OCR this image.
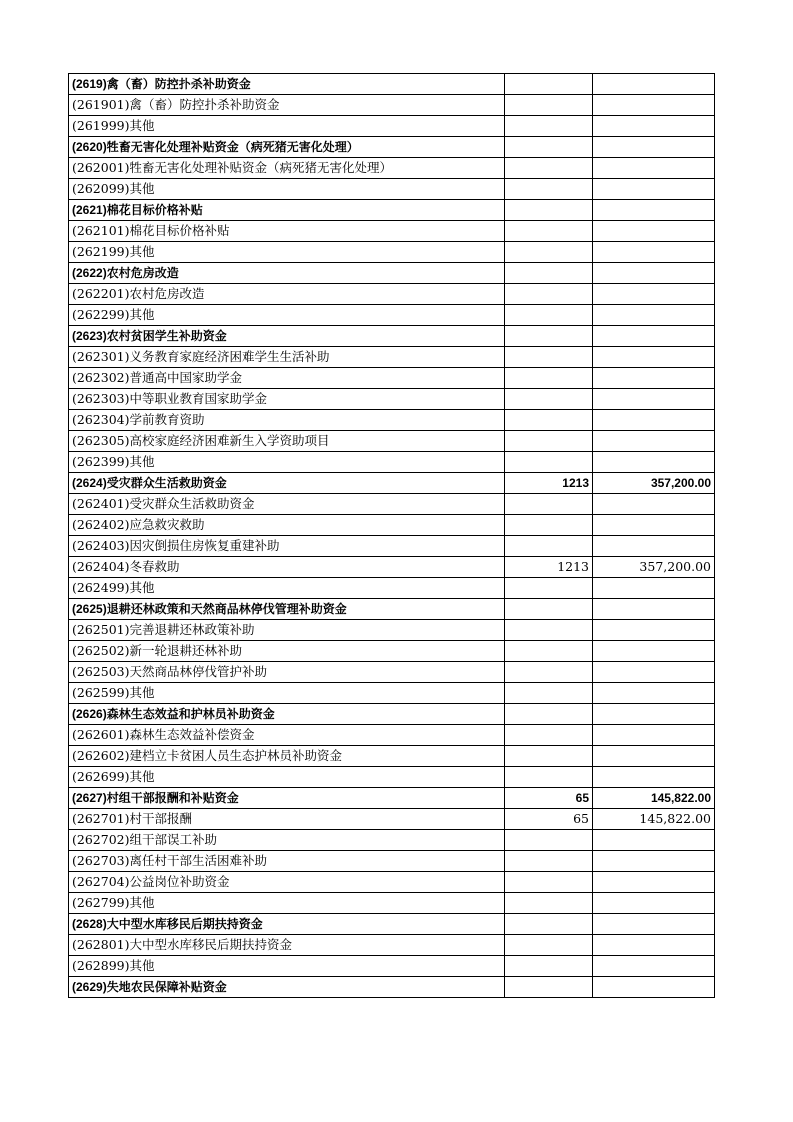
(2619)禽（畜）防控扑杀补助资金		
(261901)禽（畜）防控扑杀补助资金		
(261999)其他		
(2620)牲畜无害化处理补贴资金（病死猪无害化处理）		
(262001)牲畜无害化处理补贴资金（病死猪无害化处理）		
(262099)其他		
(2621)棉花目标价格补贴		
(262101)棉花目标价格补贴		
(262199)其他		
(2622)农村危房改造		
(262201)农村危房改造		
(262299)其他		
(2623)农村贫困学生补助资金		
(262301)义务教育家庭经济困难学生生活补助		
(262302)普通高中国家助学金		
(262303)中等职业教育国家助学金		
(262304)学前教育资助		
(262305)高校家庭经济困难新生入学资助项目		
(262399)其他		
(2624)受灾群众生活救助资金	1213	357,200.00
(262401)受灾群众生活救助资金		
(262402)应急救灾救助		
(262403)因灾倒损住房恢复重建补助		
(262404)冬春救助	1213	357,200.00
(262499)其他		
(2625)退耕还林政策和天然商品林停伐管理补助资金		
(262501)完善退耕还林政策补助		
(262502)新一轮退耕还林补助		
(262503)天然商品林停伐管护补助		
(262599)其他		
(2626)森林生态效益和护林员补助资金		
(262601)森林生态效益补偿资金		
(262602)建档立卡贫困人员生态护林员补助资金		
(262699)其他		
(2627)村组干部报酬和补贴资金	65	145,822.00
(262701)村干部报酬	65	145,822.00
(262702)组干部误工补助		
(262703)离任村干部生活困难补助		
(262704)公益岗位补助资金		
(262799)其他		
(2628)大中型水库移民后期扶持资金		
(262801)大中型水库移民后期扶持资金		
(262899)其他		
(2629)失地农民保障补贴资金		
